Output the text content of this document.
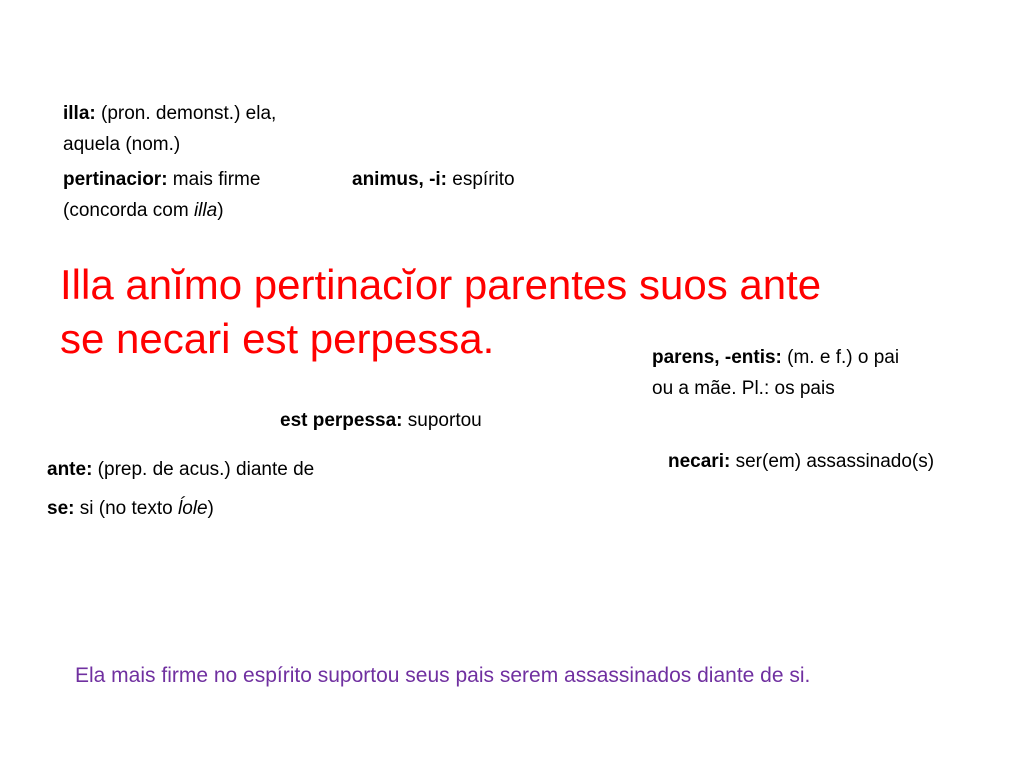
illa: (pron. demonst.) ela,
aquela (nom.)
pertinacior: mais firme
(concorda com illa)
animus, -i: espírito
Illa anĭmo pertinacĭor parentes suos ante
se necari est perpessa.	parens, -entis: (m. e f.) o pai
ou a mãe. Pl.: os pais
est perpessa: suportou
necari: ser(em) assassinado(s)
ante: (prep. de acus.) diante de
se: si (no texto ĺole)
Ela mais firme no espírito suportou seus pais serem assassinados diante de si.
